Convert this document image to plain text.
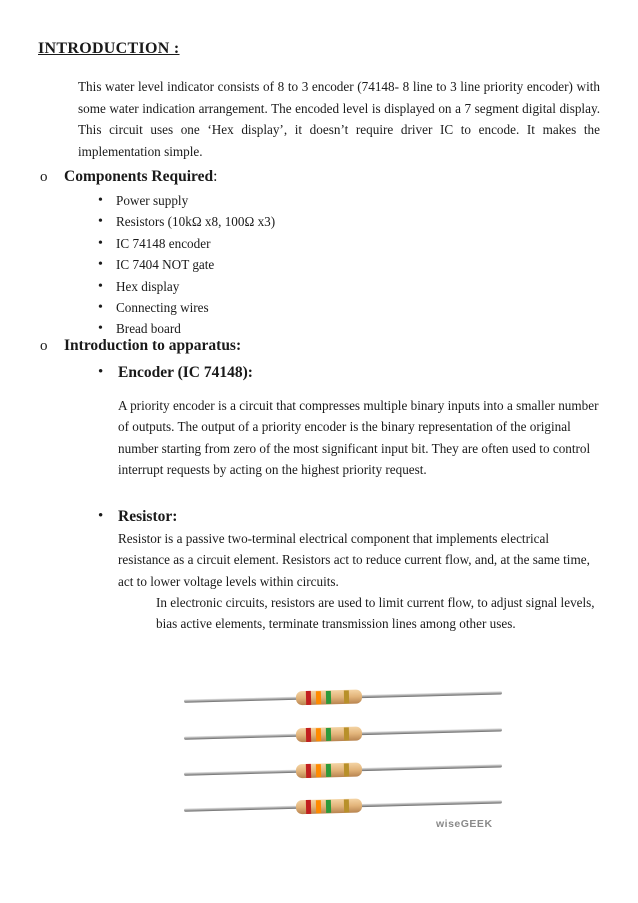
INTRODUCTION :
This water level indicator consists of 8 to 3 encoder (74148- 8 line to 3 line priority encoder) with some water indication arrangement. The encoded level is displayed on a 7 segment digital display. This circuit uses one ‘Hex display’, it doesn’t require driver IC to encode. It makes the implementation simple.
o Components Required:
• Power supply
• Resistors (10kΩ x8, 100Ω x3)
• IC 74148 encoder
• IC 7404 NOT gate
• Hex display
• Connecting wires
• Bread board
o Introduction to apparatus:
• Encoder (IC 74148):
A priority encoder is a circuit that compresses multiple binary inputs into a smaller number of outputs. The output of a priority encoder is the binary representation of the original number starting from zero of the most significant input bit. They are often used to control interrupt requests by acting on the highest priority request.
• Resistor:
Resistor is a passive two-terminal electrical component that implements electrical resistance as a circuit element. Resistors act to reduce current flow, and, at the same time, act to lower voltage levels within circuits.
In electronic circuits, resistors are used to limit current flow, to adjust signal levels, bias active elements, terminate transmission lines among other uses.
wiseGEEK
